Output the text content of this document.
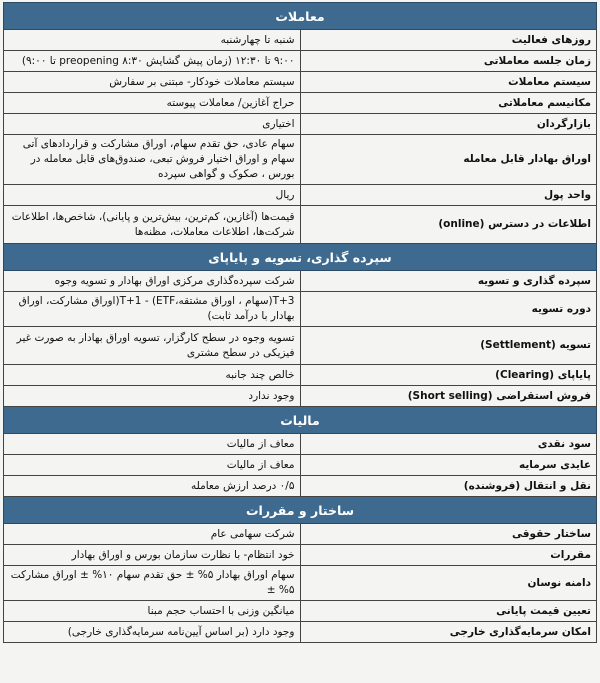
معاملات	
روزهای فعالیت	شنبه تا چهارشنبه
زمان جلسه معاملاتی	۹:۰۰ تا ۱۲:۳۰ (زمان پیش گشایش preopening ۸:۳۰ تا ۹:۰۰)
سیستم معاملات	سیستم معاملات خودکار- مبتنی بر سفارش
مکانیسم معاملاتی	حراج آغازین/ معاملات پیوسته
بازارگردان	اختیاری
اوراق بهادار قابل معامله	سهام عادی، حق تقدم سهام، اوراق مشارکت و قراردادهای آتی سهام و اوراق اختیار فروش تبعی، صندوق‌های قابل معامله در بورس ، صکوک و گواهی سپرده
واحد پول	ریال
اطلاعات در دسترس (online)	قیمت‌ها (آغازین، کم‌ترین، بیش‌ترین و پایانی)، شاخص‌ها، اطلاعات شرکت‌ها، اطلاعات معاملات، مظنه‌ها
سپرده گذاری، تسویه و پایاپای	
سپرده گذاری و تسویه	شرکت سپرده‌گذاری مرکزی اوراق بهادار و تسویه وجوه
دوره تسویه	T+3(سهام ، اوراق مشتقه،ETF) - T+1(اوراق مشارکت، اوراق بهادار با درآمد ثابت)
تسویه (Settlement)	تسویه وجوه در سطح کارگزار، تسویه اوراق بهادار به صورت غیر فیزیکی در سطح مشتری
پایاپای (Clearing)	خالص چند جانبه
فروش استقراضی (Short selling)	وجود ندارد
مالیات	
سود نقدی	معاف از مالیات
عایدی سرمایه	معاف از مالیات
نقل و انتقال (فروشنده)	۰/۵ درصد ارزش معامله
ساختار و مقررات	
ساختار حقوقی	شرکت سهامی عام
مقررات	خود انتظام- با نظارت سازمان بورس و اوراق بهادار
دامنه نوسان	سهام اوراق بهادار ۵% ± حق تقدم سهام ۱۰% ± اوراق مشارکت ۵% ±
تعیین قیمت پایانی	میانگین وزنی با احتساب حجم مبنا
امکان سرمایه‌گذاری خارجی	وجود دارد (بر اساس آیین‌نامه سرمایه‌گذاری خارجی)
